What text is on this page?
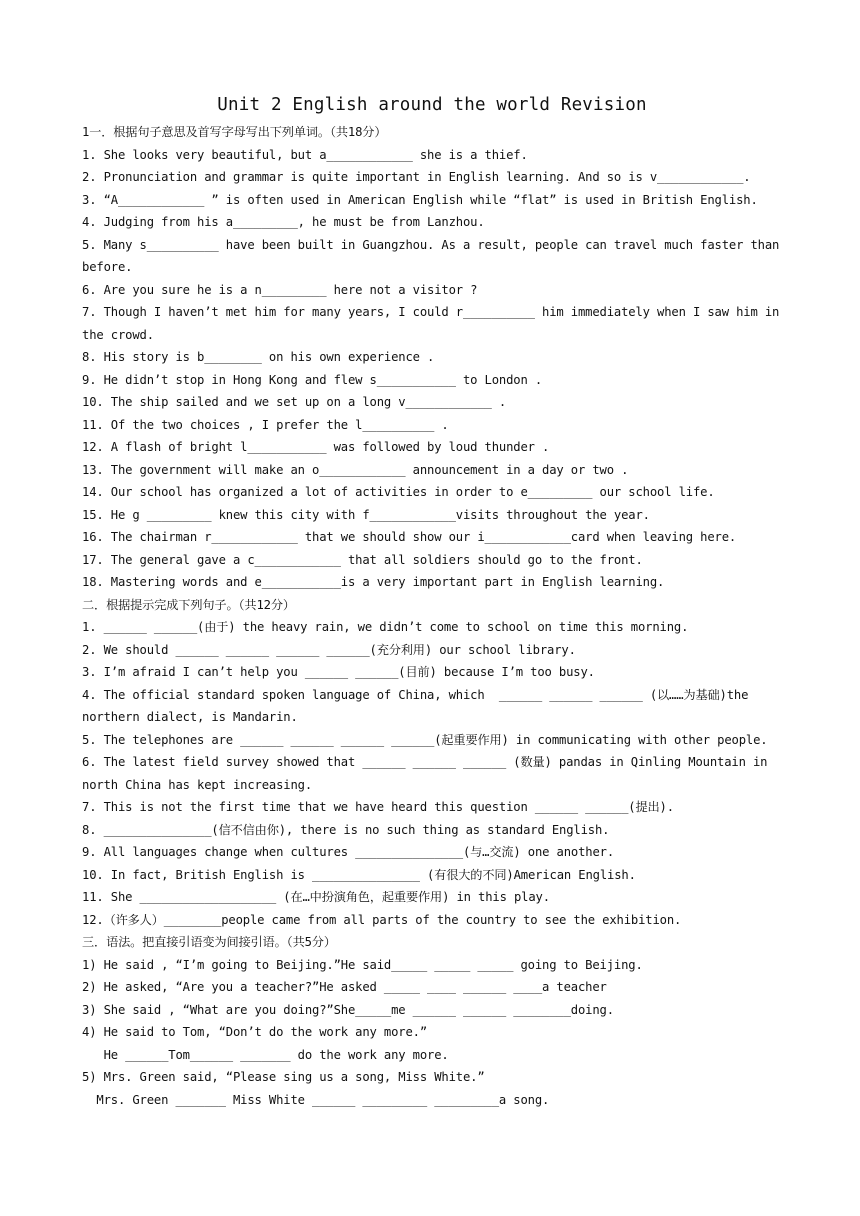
Unit 2 English around the world Revision
1一．根据句子意思及首写字母写出下列单词。（共18分）
1. She looks very beautiful, but a____________ she is a thief.
2. Pronunciation and grammar is quite important in English learning. And so is v____________.
3. “A____________ ” is often used in American English while “flat” is used in British English.
4. Judging from his a_________, he must be from Lanzhou.
5. Many s__________ have been built in Guangzhou. As a result, people can travel much faster than before.
6. Are you sure he is a n_________ here not a visitor ?
7. Though I haven’t met him for many years, I could r__________ him immediately when I saw him in the crowd.
8. His story is b________ on his own experience .
9. He didn’t stop in Hong Kong and flew s___________ to London .
10. The ship sailed and we set up on a long v____________ .
11. Of the two choices , I prefer the l__________ .
12. A flash of bright l___________ was followed by loud thunder .
13. The government will make an o____________ announcement in a day or two .
14. Our school has organized a lot of activities in order to e_________ our school life.
15. He g _________ knew this city with f____________visits throughout the year.
16. The chairman r____________ that we should show our i____________card when leaving here.
17. The general gave a c____________ that all soldiers should go to the front.
18. Mastering words and e___________is a very important part in English learning.
二．根据提示完成下列句子。（共12分）
1. ______ ______(由于) the heavy rain, we didn’t come to school on time this morning.
2. We should ______ ______ ______ ______(充分利用) our school library.
3. I’m afraid I can’t help you ______ ______(目前) because I’m too busy.
4. The official standard spoken language of China, which  ______ ______ ______ (以……为基础)the northern dialect, is Mandarin.
5. The telephones are ______ ______ ______ ______(起重要作用) in communicating with other people.
6. The latest field survey showed that ______ ______ ______ (数量) pandas in Qinling Mountain in north China has kept increasing.
7. This is not the first time that we have heard this question ______ ______(提出).
8. _______________(信不信由你), there is no such thing as standard English.
9. All languages change when cultures _______________(与…交流) one another.
10. In fact, British English is _______________ (有很大的不同)American English.
11. She ___________________ (在…中扮演角色，起重要作用) in this play.
12.（许多人）________people came from all parts of the country to see the exhibition.
三．语法。把直接引语变为间接引语。（共5分）
1) He said , “I’m going to Beijing.”He said_____ _____ _____ going to Beijing.
2) He asked, “Are you a teacher?”He asked _____ ____ ______ ____a teacher
3) She said , “What are you doing?”She_____me ______ ______ ________doing.
4) He said to Tom, “Don’t do the work any more.”
He ______Tom______ _______ do the work any more.
5) Mrs. Green said, “Please sing us a song, Miss White.”
Mrs. Green _______ Miss White ______ _________ _________a song.
